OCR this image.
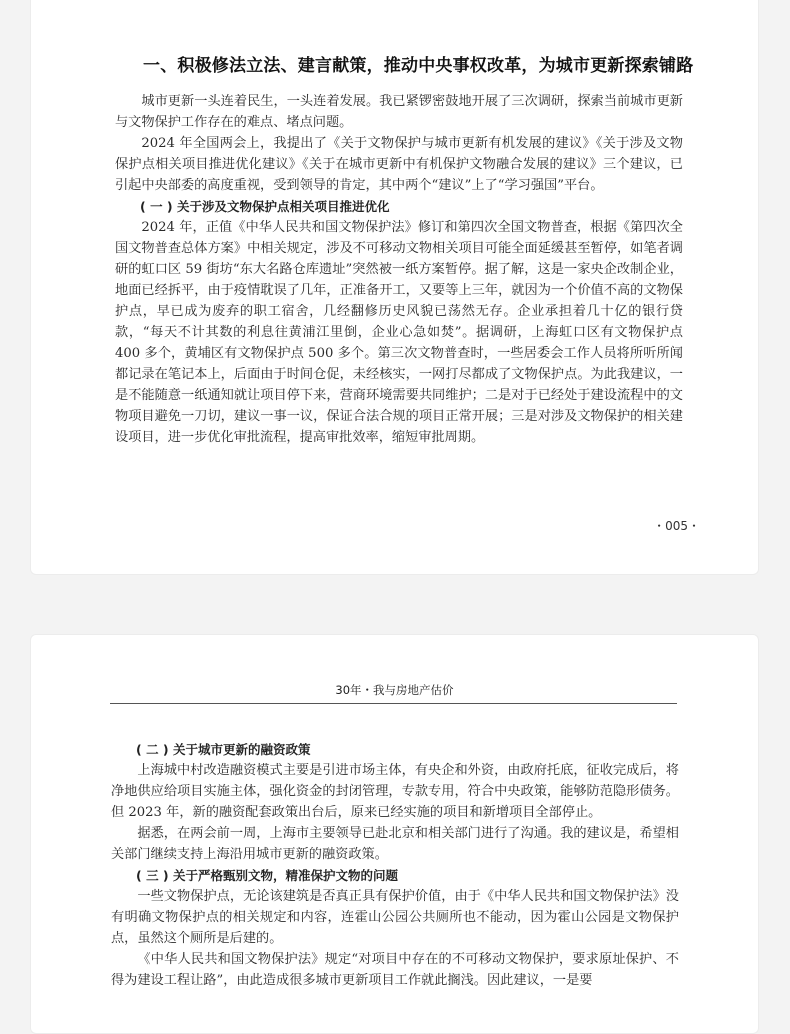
一、积极修法立法、建言献策，推动中央事权改革，为城市更新探索铺路

城市更新一头连着民生，一头连着发展。我已紧锣密鼓地开展了三次调研，探索当前城市更新与文物保护工作存在的难点、堵点问题。

2024 年全国两会上，我提出了《关于文物保护与城市更新有机发展的建议》《关于涉及文物保护点相关项目推进优化建议》《关于在城市更新中有机保护文物融合发展的建议》三个建议，已引起中央部委的高度重视，受到领导的肯定，其中两个“建议”上了“学习强国”平台。

( 一 ) 关于涉及文物保护点相关项目推进优化

2024 年，正值《中华人民共和国文物保护法》修订和第四次全国文物普查，根据《第四次全国文物普查总体方案》中相关规定，涉及不可移动文物相关项目可能全面延缓甚至暂停，如笔者调研的虹口区 59 街坊“东大名路仓库遗址”突然被一纸方案暂停。据了解，这是一家央企改制企业，地面已经拆平，由于疫情耽误了几年，正准备开工，又要等上三年，就因为一个价值不高的文物保护点，早已成为废弃的职工宿舍，几经翻修历史风貌已荡然无存。企业承担着几十亿的银行贷款，“每天不计其数的利息往黄浦江里倒，企业心急如焚”。据调研，上海虹口区有文物保护点 400 多个，黄埔区有文物保护点 500 多个。第三次文物普查时，一些居委会工作人员将所听所闻都记录在笔记本上，后面由于时间仓促，未经核实，一网打尽都成了文物保护点。为此我建议，一是不能随意一纸通知就让项目停下来，营商环境需要共同维护；二是对于已经处于建设流程中的文物项目避免一刀切，建议一事一议，保证合法合规的项目正常开展；三是对涉及文物保护的相关建设项目，进一步优化审批流程，提高审批效率，缩短审批周期。

・005・
30年・我与房地产估价

( 二 ) 关于城市更新的融资政策

上海城中村改造融资模式主要是引进市场主体，有央企和外资，由政府托底，征收完成后，将净地供应给项目实施主体，强化资金的封闭管理，专款专用，符合中央政策，能够防范隐形债务。但 2023 年，新的融资配套政策出台后，原来已经实施的项目和新增项目全部停止。

据悉，在两会前一周，上海市主要领导已赴北京和相关部门进行了沟通。我的建议是，希望相关部门继续支持上海沿用城市更新的融资政策。

( 三 ) 关于严格甄别文物，精准保护文物的问题

一些文物保护点，无论该建筑是否真正具有保护价值，由于《中华人民共和国文物保护法》没有明确文物保护点的相关规定和内容，连霍山公园公共厕所也不能动，因为霍山公园是文物保护点，虽然这个厕所是后建的。

《中华人民共和国文物保护法》规定“对项目中存在的不可移动文物保护，要求原址保护、不得为建设工程让路”，由此造成很多城市更新项目工作就此搁浅。因此建议，一是要
